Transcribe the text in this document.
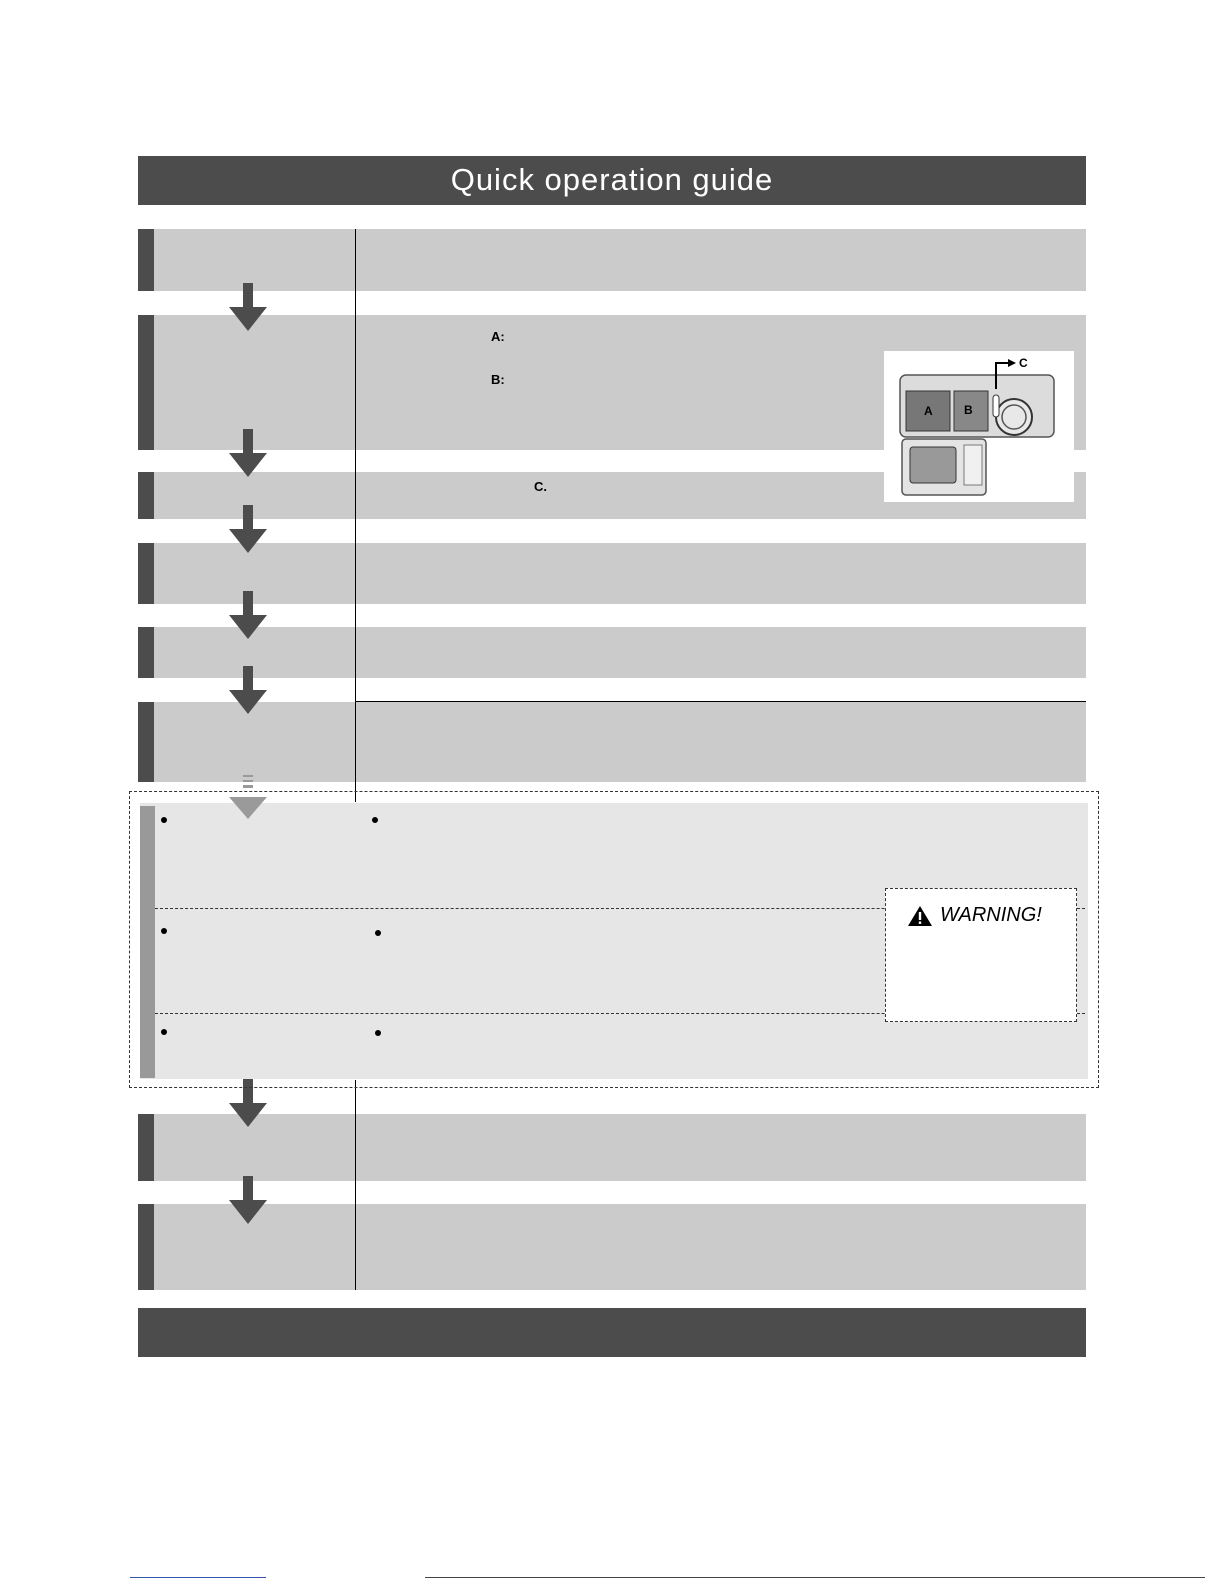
Quick operation guide
A:
B:
C.
A	B
C
WARNING!
